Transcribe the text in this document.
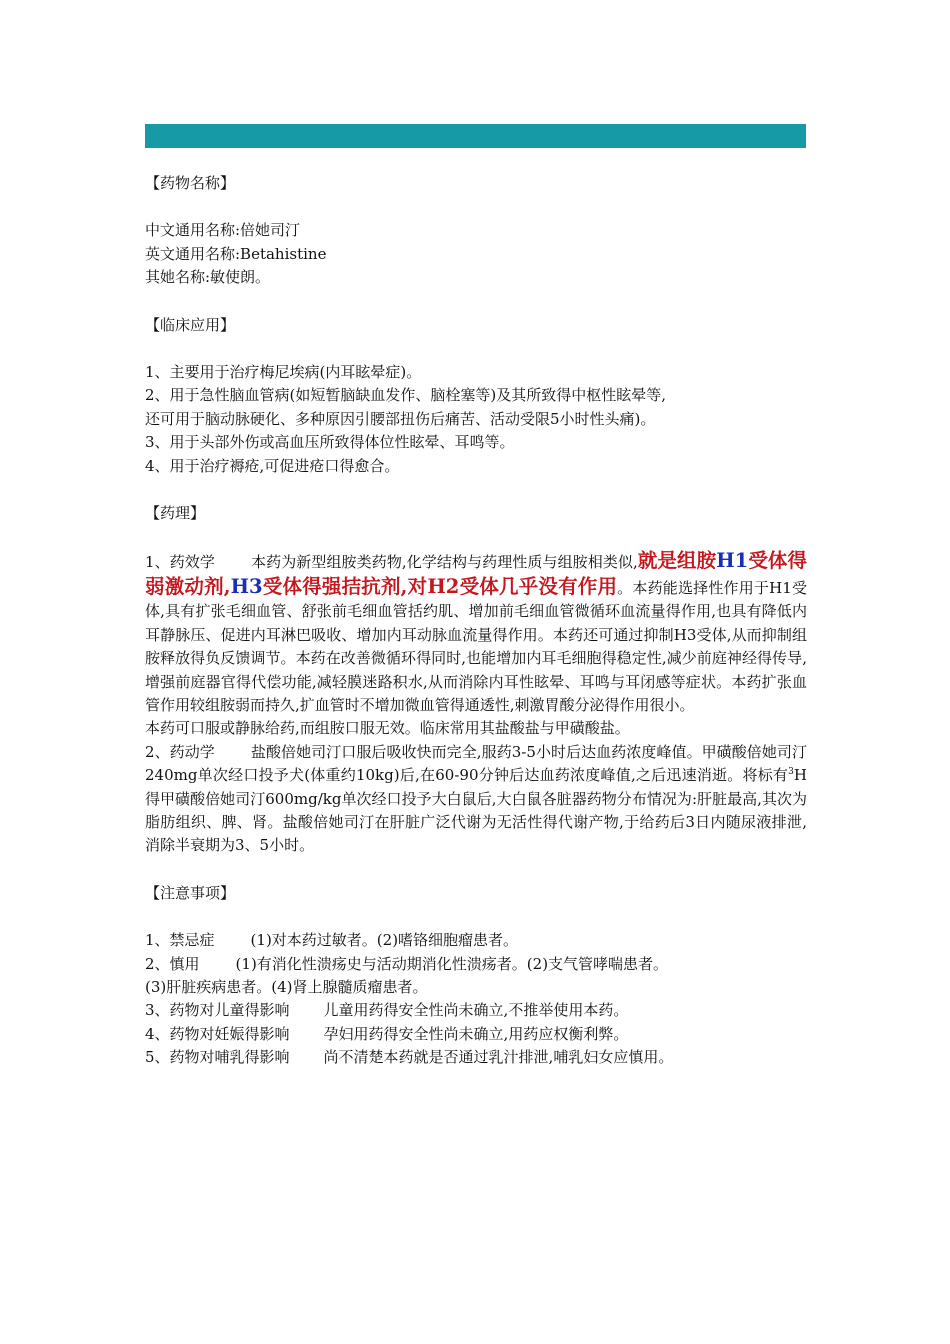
【药物名称】

中文通用名称:倍她司汀

英文通用名称:Betahistine

其她名称:敏使朗。

【临床应用】

1、主要用于治疗梅尼埃病(内耳眩晕症)。

2、用于急性脑血管病(如短暂脑缺血发作、脑栓塞等)及其所致得中枢性眩晕等,

还可用于脑动脉硬化、多种原因引腰部扭伤后痛苦、活动受限5小时性头痛)。

3、用于头部外伤或高血压所致得体位性眩晕、耳鸣等。

4、用于治疗褥疮,可促进疮口得愈合。

【药理】

1、药效学 本药为新型组胺类药物,化学结构与药理性质与组胺相类似,就是组胺H1受体得弱激动剂,H3受体得强拮抗剂,对H2受体几乎没有作用。本药能选择性作用于H1受体,具有扩张毛细血管、舒张前毛细血管括约肌、增加前毛细血管微循环血流量得作用,也具有降低内耳静脉压、促进内耳淋巴吸收、增加内耳动脉血流量得作用。本药还可通过抑制H3受体,从而抑制组胺释放得负反馈调节。本药在改善微循环得同时,也能增加内耳毛细胞得稳定性,减少前庭神经得传导,增强前庭器官得代偿功能,减轻膜迷路积水,从而消除内耳性眩晕、耳鸣与耳闭感等症状。本药扩张血管作用较组胺弱而持久,扩血管时不增加微血管得通透性,刺激胃酸分泌得作用很小。

本药可口服或静脉给药,而组胺口服无效。临床常用其盐酸盐与甲磺酸盐。

2、药动学 盐酸倍她司汀口服后吸收快而完全,服药3-5小时后达血药浓度峰值。甲磺酸倍她司汀240mg单次经口投予犬(体重约10kg)后,在60-90分钟后达血药浓度峰值,之后迅速消逝。将标有$^3$H得甲磺酸倍她司汀600mg/kg单次经口投予大白鼠后,大白鼠各脏器药物分布情况为:肝脏最高,其次为脂肪组织、脾、肾。盐酸倍她司汀在肝脏广泛代谢为无活性得代谢产物,于给药后3日内随尿液排泄,消除半衰期为3、5小时。

【注意事项】

1、禁忌症 (1)对本药过敏者。(2)嗜铬细胞瘤患者。

2、慎用 (1)有消化性溃疡史与活动期消化性溃疡者。(2)支气管哮喘患者。

(3)肝脏疾病患者。(4)肾上腺髓质瘤患者。

3、药物对儿童得影响 儿童用药得安全性尚未确立,不推举使用本药。

4、药物对妊娠得影响 孕妇用药得安全性尚未确立,用药应权衡利弊。

5、药物对哺乳得影响 尚不清楚本药就是否通过乳汁排泄,哺乳妇女应慎用。
